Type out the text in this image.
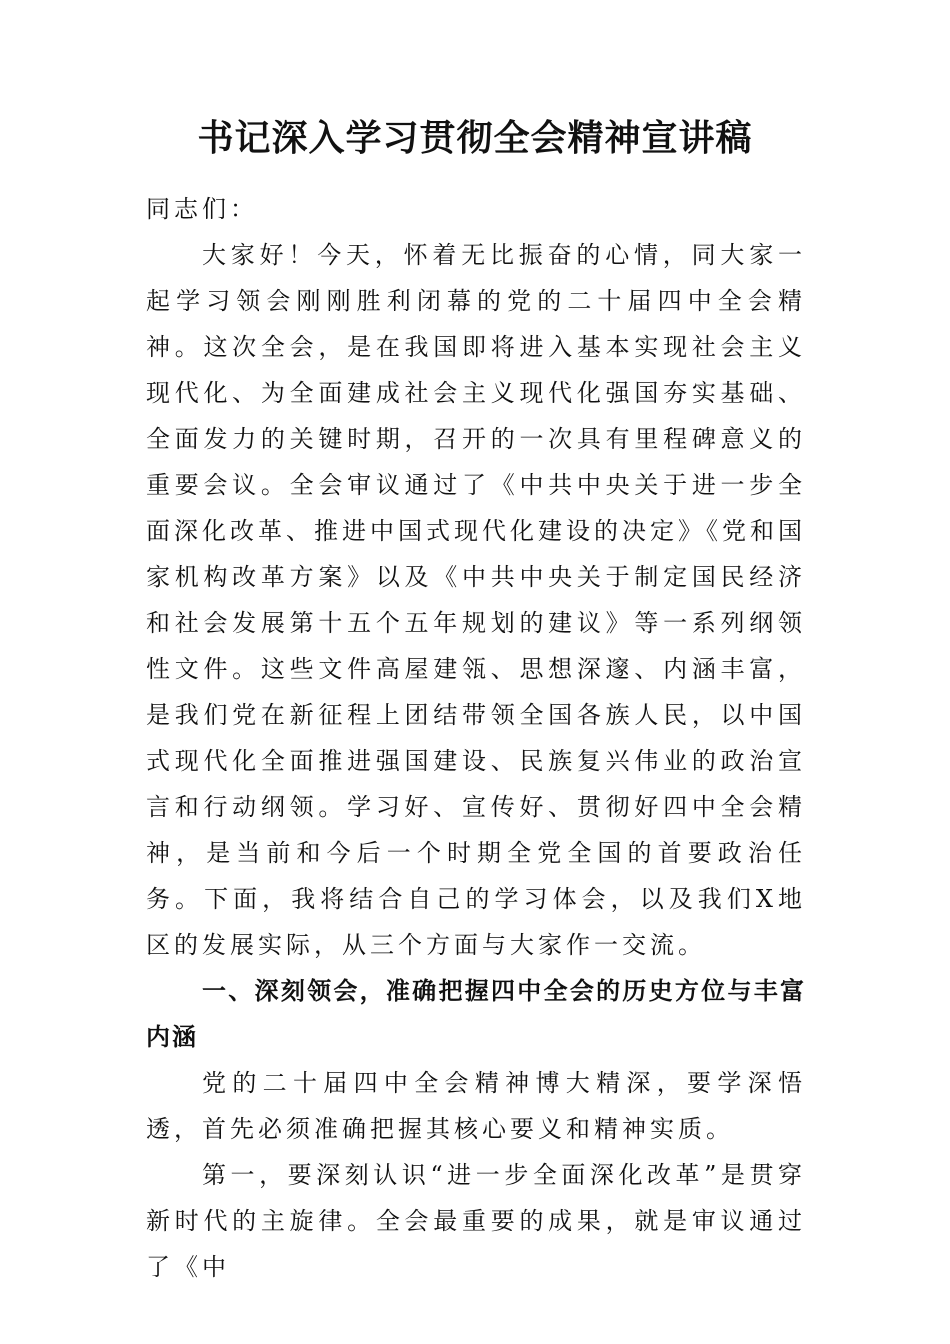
书记深入学习贯彻全会精神宣讲稿

同志们：

大家好！今天，怀着无比振奋的心情，同大家一起学习领会刚刚胜利闭幕的党的二十届四中全会精神。这次全会，是在我国即将进入基本实现社会主义现代化、为全面建成社会主义现代化强国夯实基础、全面发力的关键时期，召开的一次具有里程碑意义的重要会议。全会审议通过了《中共中央关于进一步全面深化改革、推进中国式现代化建设的决定》《党和国家机构改革方案》以及《中共中央关于制定国民经济和社会发展第十五个五年规划的建议》等一系列纲领性文件。这些文件高屋建瓴、思想深邃、内涵丰富，是我们党在新征程上团结带领全国各族人民，以中国式现代化全面推进强国建设、民族复兴伟业的政治宣言和行动纲领。学习好、宣传好、贯彻好四中全会精神，是当前和今后一个时期全党全国的首要政治任务。下面，我将结合自己的学习体会，以及我们X地区的发展实际，从三个方面与大家作一交流。

一、深刻领会，准确把握四中全会的历史方位与丰富内涵

党的二十届四中全会精神博大精深，要学深悟透，首先必须准确把握其核心要义和精神实质。

第一，要深刻认识“进一步全面深化改革”是贯穿新时代的主旋律。全会最重要的成果，就是审议通过了《中
